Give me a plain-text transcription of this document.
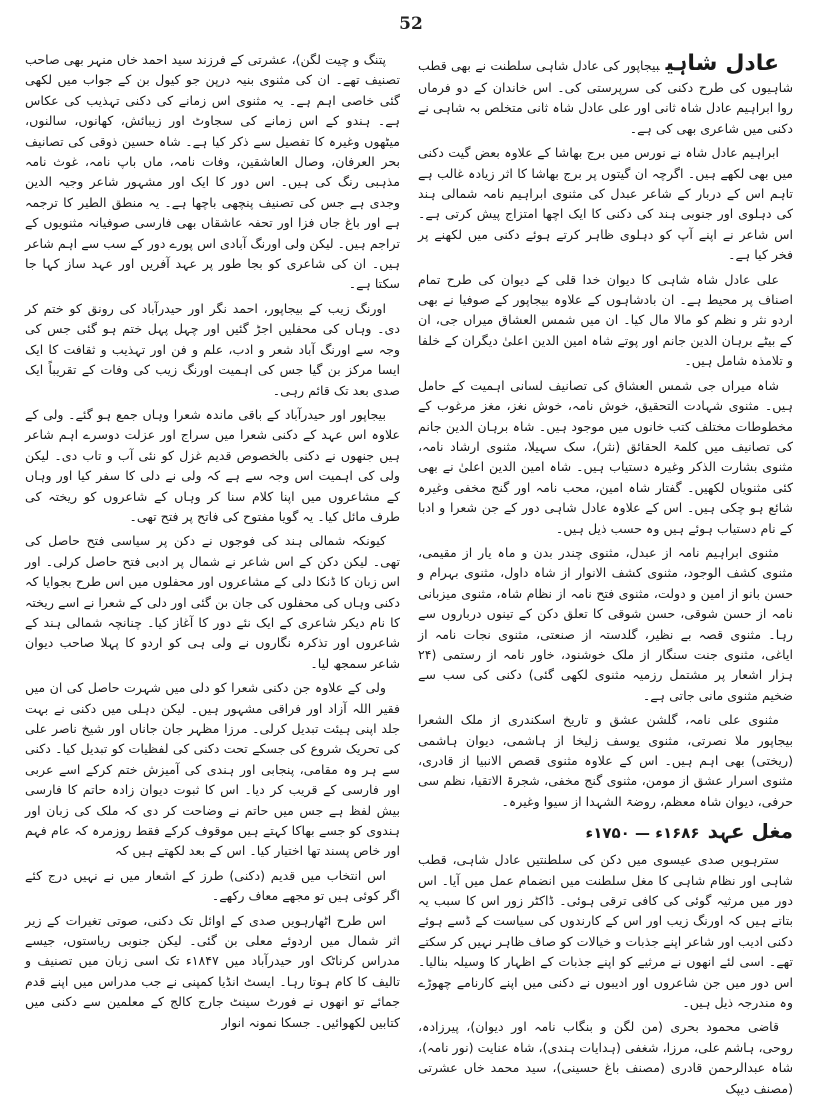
52

عادل شاہیبیجاپور کی عادل شاہی سلطنت نے بھی قطب شاہیوں کی طرح دکنی کی سرپرستی کی۔ اس خاندان کے دو فرماں روا ابراہیم عادل شاہ ثانی اور علی عادل شاہ ثانی متخلص بہ شاہی نے دکنی میں شاعری بھی کی ہے۔

ابراہیم عادل شاہ نے نورس میں برج بھاشا کے علاوہ بعض گیت دکنی میں بھی لکھے ہیں۔ اگرچہ ان گیتوں پر برج بھاشا کا اثر زیادہ غالب ہے تاہم اس کے دربار کے شاعر عبدل کی مثنوی ابراہیم نامہ شمالی ہند کی دہلوی اور جنوبی ہند کی دکنی کا ایک اچھا امتزاج پیش کرتی ہے۔ اس شاعر نے اپنے آپ کو دہلوی ظاہر کرتے ہوئے دکنی میں لکھنے پر فخر کیا ہے۔

علی عادل شاہ شاہی کا دیوان خدا قلی کے دیوان کی طرح تمام اصناف پر محیط ہے۔ ان بادشاہوں کے علاوہ بیجاپور کے صوفیا نے بھی اردو نثر و نظم کو مالا مال کیا۔ ان میں شمس العشاق میراں جی، ان کے بیٹے برہان الدین جانم اور پوتے شاہ امین الدین اعلیٰ دیگران کے خلفا و تلامذہ شامل ہیں۔

شاہ میراں جی شمس العشاق کی تصانیف لسانی اہمیت کے حامل ہیں۔ مثنوی شہادت التحقیق، خوش نامہ، خوش نغز، مغز مرغوب کے مخطوطات مختلف کتب خانوں میں موجود ہیں۔ شاہ برہان الدین جانم کی تصانیف میں کلمۃ الحقائق (نثر)، سک سہیلا، مثنوی ارشاد نامہ، مثنوی بشارت الذکر وغیرہ دستیاب ہیں۔ شاہ امین الدین اعلیٰ نے بھی کئی مثنویاں لکھیں۔ گفتار شاہ امین، محب نامہ اور گنج مخفی وغیرہ شائع ہو چکی ہیں۔ اس کے علاوہ عادل شاہی دور کے جن شعرا و ادبا کے نام دستیاب ہوئے ہیں وہ حسب ذیل ہیں۔

مثنوی ابراہیم نامہ از عبدل، مثنوی چندر بدن و ماہ یار از مقیمی، مثنوی کشف الوجود، مثنوی کشف الانوار از شاہ داول، مثنوی بہرام و حسن بانو از امین و دولت، مثنوی فتح نامہ از نظام شاہ، مثنوی میزبانی نامہ از حسن شوقی، حسن شوقی کا تعلق دکن کے تینوں درباروں سے رہا۔ مثنوی قصہ بے نظیر، گلدستہ از صنعتی، مثنوی نجات نامہ از ایاغی، مثنوی جنت سنگار از ملک خوشنود، خاور نامہ از رستمی (۲۴ ہزار اشعار پر مشتمل رزمیہ مثنوی لکھی گئی) دکنی کی سب سے ضخیم مثنوی مانی جاتی ہے۔

مثنوی علی نامہ، گلشن عشق و تاریخ اسکندری از ملک الشعرا بیجاپور ملا نصرتی، مثنوی یوسف زلیخا از ہاشمی، دیوان ہاشمی (ریختی) بھی اہم ہیں۔ اس کے علاوہ مثنوی قصص الانبیا از قادری، مثنوی اسرار عشق از مومن، مثنوی گنج مخفی، شجرۃ الاتقیا، نظم سی حرفی، دیوان شاہ معظم، روضۃ الشہدا از سیوا وغیرہ۔

مغل عہد۱۶۸۶ء — ۱۷۵۰ء

سترہویں صدی عیسوی میں دکن کی سلطنتیں عادل شاہی، قطب شاہی اور نظام شاہی کا مغل سلطنت میں انضمام عمل میں آیا۔ اس دور میں مرثیہ گوئی کی کافی ترقی ہوئی۔ ڈاکٹر زور اس کا سبب یہ بتاتے ہیں کہ اورنگ زیب اور اس کے کارندوں کی سیاست کے ڈسے ہوئے دکنی ادیب اور شاعر اپنے جذبات و خیالات کو صاف ظاہر نہیں کر سکتے تھے۔ اسی لئے انھوں نے مرثیے کو اپنے جذبات کے اظہار کا وسیلہ بنالیا۔ اس دور میں جن شاعروں اور ادیبوں نے دکنی میں اپنے کارنامے چھوڑے وہ مندرجہ ذیل ہیں۔

قاضی محمود بحری (من لگن و بنگاب نامہ اور دیوان)، پیرزادہ، روحی، ہاشم علی، مرزا، شغفی (ہدایات ہندی)، شاہ عنایت (نور نامہ)، شاہ عبدالرحمن قادری (مصنف باغ حسینی)، سید محمد خاں عشرتی (مصنف دیپک

پتنگ و چیت لگن)، عشرتی کے فرزند سید احمد خاں منہر بھی صاحب تصنیف تھے۔ ان کی مثنوی بنیہ درپن جو کیول بن کے جواب میں لکھی گئی خاصی اہم ہے۔ یہ مثنوی اس زمانے کی دکنی تہذیب کی عکاس ہے۔ ہندو کے اس زمانے کی سجاوٹ اور زیبائش، کھانوں، سالنوں، میٹھوں وغیرہ کا تفصیل سے ذکر کیا ہے۔ شاہ حسین ذوقی کی تصانیف بحر العرفان، وصال العاشقین، وفات نامہ، ماں باپ نامہ، غوث نامہ مذہبی رنگ کی ہیں۔ اس دور کا ایک اور مشہور شاعر وجیہ الدین وجدی ہے جس کی تصنیف پنچھی باچھا ہے۔ یہ منطق الطیر کا ترجمہ ہے اور باغ جاں فزا اور تحفہ عاشقاں بھی فارسی صوفیانہ مثنویوں کے تراجم ہیں۔ لیکن ولی اورنگ آبادی اس پورے دور کے سب سے اہم شاعر ہیں۔ ان کی شاعری کو بجا طور پر عہد آفریں اور عہد ساز کہا جا سکتا ہے۔

اورنگ زیب کے بیجاپور، احمد نگر اور حیدرآباد کی رونق کو ختم کر دی۔ وہاں کی محفلیں اجڑ گئیں اور چہل پہل ختم ہو گئی جس کی وجہ سے اورنگ آباد شعر و ادب، علم و فن اور تہذیب و ثقافت کا ایک ایسا مرکز بن گیا جس کی اہمیت اورنگ زیب کی وفات کے تقریباً ایک صدی بعد تک قائم رہی۔

بیجاپور اور حیدرآباد کے باقی ماندہ شعرا وہاں جمع ہو گئے۔ ولی کے علاوہ اس عہد کے دکنی شعرا میں سراج اور عزلت دوسرے اہم شاعر ہیں جنھوں نے دکنی بالخصوص قدیم غزل کو نئی آب و تاب دی۔ لیکن ولی کی اہمیت اس وجہ سے ہے کہ ولی نے دلی کا سفر کیا اور وہاں کے مشاعروں میں اپنا کلام سنا کر وہاں کے شاعروں کو ریختہ کی طرف مائل کیا۔ یہ گویا مفتوح کی فاتح پر فتح تھی۔

کیونکہ شمالی ہند کی فوجوں نے دکن پر سیاسی فتح حاصل کی تھی۔ لیکن دکن کے اس شاعر نے شمال پر ادبی فتح حاصل کرلی۔ اور اس زبان کا ڈنکا دلی کے مشاعروں اور محفلوں میں اس طرح بجوایا کہ دکنی وہاں کی محفلوں کی جان بن گئی اور دلی کے شعرا نے اسے ریختہ کا نام دیکر شاعری کے ایک نئے دور کا آغاز کیا۔ چنانچہ شمالی ہند کے شاعروں اور تذکرہ نگاروں نے ولی ہی کو اردو کا پہلا صاحب دیوان شاعر سمجھ لیا۔

ولی کے علاوہ جن دکنی شعرا کو دلی میں شہرت حاصل کی ان میں فقیر اللہ آزاد اور فراقی مشہور ہیں۔ لیکن دہلی میں دکنی نے بہت جلد اپنی ہیئت تبدیل کرلی۔ مرزا مظہر جان جاناں اور شیخ ناصر علی کی تحریک شروع کی جسکے تحت دکنی کی لفظیات کو تبدیل کیا۔ دکنی سے ہر وہ مقامی، پنجابی اور ہندی کی آمیزش ختم کرکے اسے عربی اور فارسی کے قریب کر دیا۔ اس کا ثبوت دیوان زادہ حاتم کا فارسی بیش لفظ ہے جس میں حاتم نے وضاحت کر دی کہ ملک کی زبان اور ہندوی کو جسے بھاکا کہتے ہیں موقوف کرکے فقط روزمرہ کہ عام فہم اور خاص پسند تھا اختیار کیا۔ اس کے بعد لکھتے ہیں کہ

اس انتخاب میں قدیم (دکنی) طرز کے اشعار میں نے نہیں درج کئے اگر کوئی ہیں تو مجھے معاف رکھے۔

اس طرح اٹھارہویں صدی کے اوائل تک دکنی، صوتی تغیرات کے زیر اثر شمال میں اردوئے معلی بن گئی۔ لیکن جنوبی ریاستوں، جیسے مدراس کرناٹک اور حیدرآباد میں ۱۸۴۷ء تک اسی زبان میں تصنیف و تالیف کا کام ہوتا رہا۔ ایسٹ انڈیا کمپنی نے جب مدراس میں اپنے قدم جمائے تو انھوں نے فورٹ سینٹ جارج کالج کے معلمین سے دکنی میں کتابیں لکھوائیں۔ جسکا نمونہ انوار
